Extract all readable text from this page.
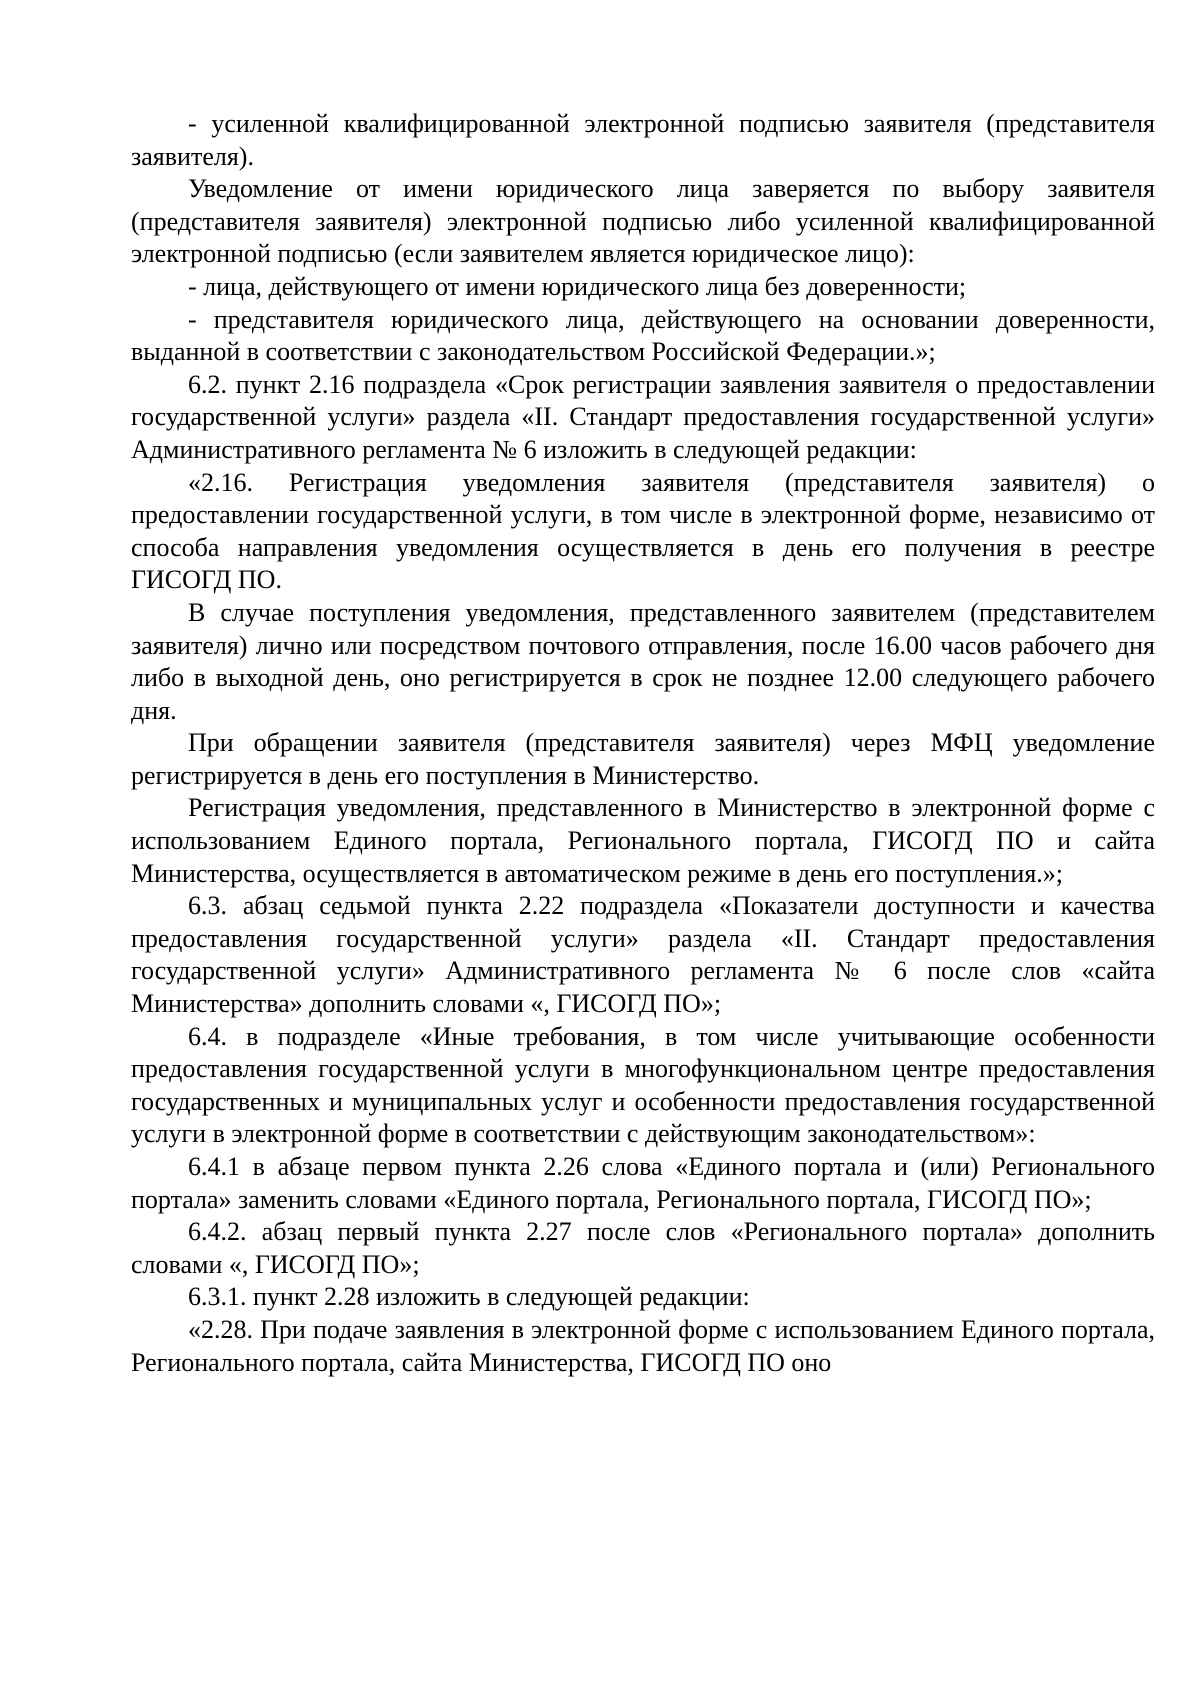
- усиленной квалифицированной электронной подписью заявителя (представителя заявителя).

Уведомление от имени юридического лица заверяется по выбору заявителя (представителя заявителя) электронной подписью либо усиленной квалифицированной электронной подписью (если заявителем является юридическое лицо):

- лица, действующего от имени юридического лица без доверенности;

- представителя юридического лица, действующего на основании доверенности, выданной в соответствии с законодательством Российской Федерации.»;

6.2. пункт 2.16 подраздела «Срок регистрации заявления заявителя о предоставлении государственной услуги» раздела «II. Стандарт предоставления государственной услуги» Административного регламента № 6 изложить в следующей редакции:

«2.16. Регистрация уведомления заявителя (представителя заявителя) о предоставлении государственной услуги, в том числе в электронной форме, независимо от способа направления уведомления осуществляется в день его получения в реестре ГИСОГД ПО.

В случае поступления уведомления, представленного заявителем (представителем заявителя) лично или посредством почтового отправления, после 16.00 часов рабочего дня либо в выходной день, оно регистрируется в срок не позднее 12.00 следующего рабочего дня.

При обращении заявителя (представителя заявителя) через МФЦ уведомление регистрируется в день его поступления в Министерство.

Регистрация уведомления, представленного в Министерство в электронной форме с использованием Единого портала, Регионального портала, ГИСОГД ПО и сайта Министерства, осуществляется в автоматическом режиме в день его поступления.»;

6.3. абзац седьмой пункта 2.22 подраздела «Показатели доступности и качества предоставления государственной услуги» раздела «II. Стандарт предоставления государственной услуги» Административного регламента № 6 после слов «сайта Министерства» дополнить словами «, ГИСОГД ПО»;

6.4. в подразделе «Иные требования, в том числе учитывающие особенности предоставления государственной услуги в многофункциональном центре предоставления государственных и муниципальных услуг и особенности предоставления государственной услуги в электронной форме в соответствии с действующим законодательством»:

6.4.1 в абзаце первом пункта 2.26 слова «Единого портала и (или) Регионального портала» заменить словами «Единого портала, Регионального портала, ГИСОГД ПО»;

6.4.2. абзац первый пункта 2.27 после слов «Регионального портала» дополнить словами «, ГИСОГД ПО»;

6.3.1. пункт 2.28 изложить в следующей редакции:

«2.28. При подаче заявления в электронной форме с использованием Единого портала, Регионального портала, сайта Министерства, ГИСОГД ПО оно
